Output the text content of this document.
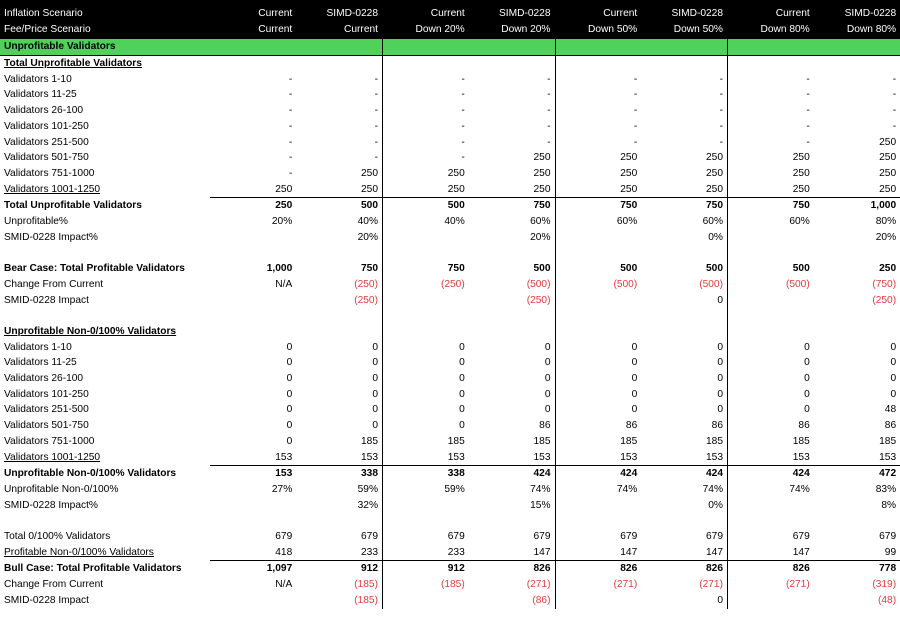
Inflation Scenario	Current	SIMD-0228	Current	SIMD-0228	Current	SIMD-0228	Current	SIMD-0228
Fee/Price Scenario	Current	Current	Down 20%	Down 20%	Down 50%	Down 50%	Down 80%	Down 80%
Unprofitable Validators								
Total Unprofitable Validators								
Validators 1-10	-	-	-	-	-	-	-	-
Validators 11-25	-	-	-	-	-	-	-	-
Validators 26-100	-	-	-	-	-	-	-	-
Validators 101-250	-	-	-	-	-	-	-	-
Validators 251-500	-	-	-	-	-	-	-	250
Validators 501-750	-	-	-	250	250	250	250	250
Validators 751-1000	-	250	250	250	250	250	250	250
Validators 1001-1250	250	250	250	250	250	250	250	250
Total Unprofitable Validators	250	500	500	750	750	750	750	1,000
Unprofitable%	20%	40%	40%	60%	60%	60%	60%	80%
SMID-0228 Impact%		20%		20%		0%		20%

Bear Case: Total Profitable Validators	1,000	750	750	500	500	500	500	250
Change From Current	N/A	(250)	(250)	(500)	(500)	(500)	(500)	(750)
SMID-0228 Impact		(250)		(250)		0		(250)

Unprofitable Non-0/100% Validators								
Validators 1-10	0	0	0	0	0	0	0	0
Validators 11-25	0	0	0	0	0	0	0	0
Validators 26-100	0	0	0	0	0	0	0	0
Validators 101-250	0	0	0	0	0	0	0	0
Validators 251-500	0	0	0	0	0	0	0	48
Validators 501-750	0	0	0	86	86	86	86	86
Validators 751-1000	0	185	185	185	185	185	185	185
Validators 1001-1250	153	153	153	153	153	153	153	153
Unprofitable Non-0/100% Validators	153	338	338	424	424	424	424	472
Unprofitable Non-0/100%	27%	59%	59%	74%	74%	74%	74%	83%
SMID-0228 Impact%		32%		15%		0%		8%

Total 0/100% Validators	679	679	679	679	679	679	679	679
Profitable Non-0/100% Validators	418	233	233	147	147	147	147	99
Bull Case: Total Profitable Validators	1,097	912	912	826	826	826	826	778
Change From Current	N/A	(185)	(185)	(271)	(271)	(271)	(271)	(319)
SMID-0228 Impact		(185)		(86)		0		(48)
